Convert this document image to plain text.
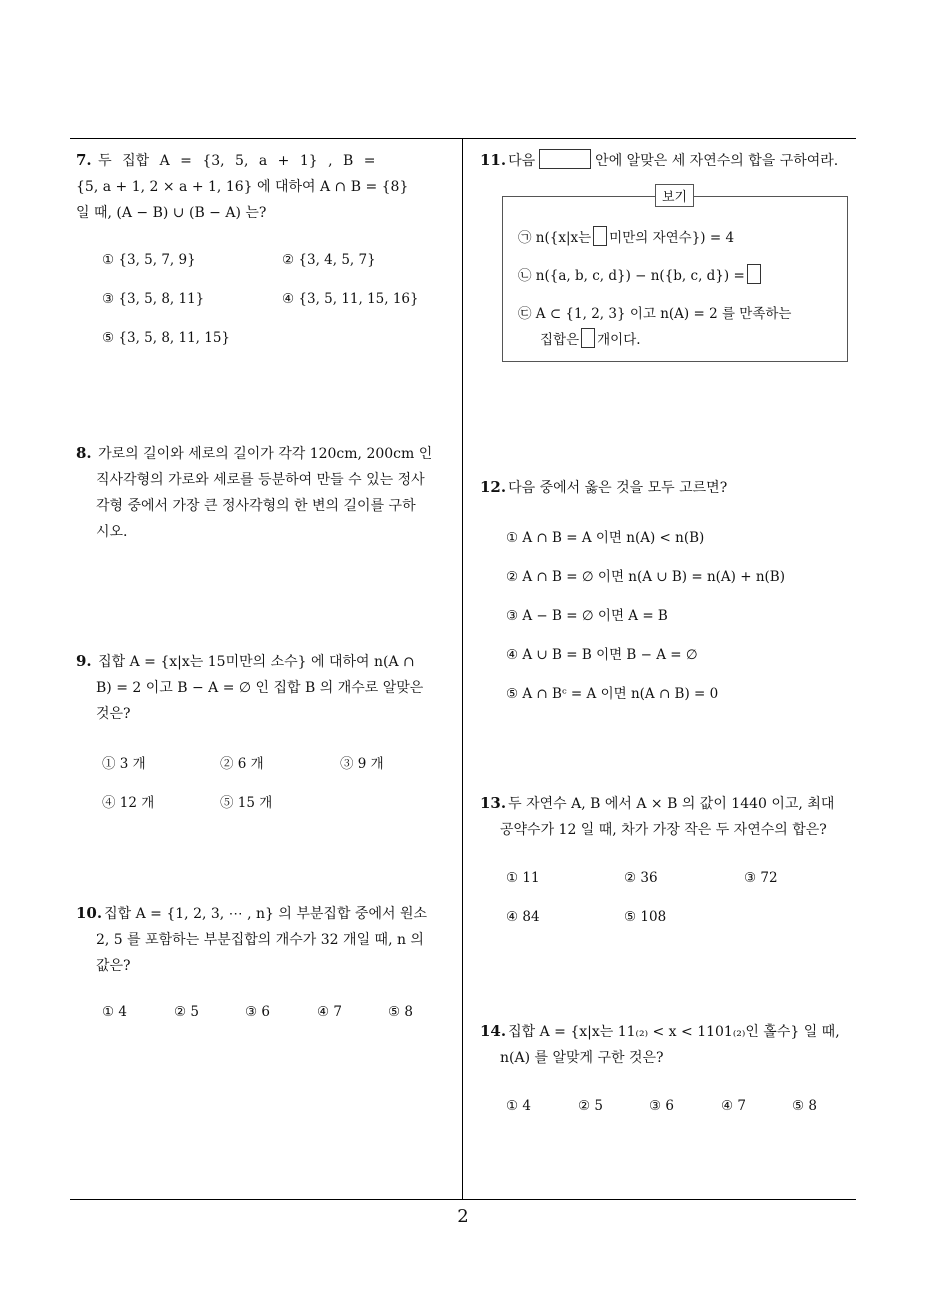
7. 두 집합 A = {3, 5, a + 1} , B =
{5, a + 1, 2 × a + 1, 16} 에 대하여 A ∩ B = {8}
일 때, (A − B) ∪ (B − A) 는?
① {3, 5, 7, 9}	② {3, 4, 5, 7}
③ {3, 5, 8, 11}	④ {3, 5, 11, 15, 16}
⑤ {3, 5, 8, 11, 15}
8. 가로의 길이와 세로의 길이가 각각 120cm, 200cm 인
직사각형의 가로와 세로를 등분하여 만들 수 있는 정사
각형 중에서 가장 큰 정사각형의 한 변의 길이를 구하
시오.
9. 집합 A = {x|x는 15미만의 소수} 에 대하여 n(A ∩
B) = 2 이고 B − A = ∅ 인 집합 B 의 개수로 알맞은
것은?
① 3 개	② 6 개	③ 9 개
④ 12 개	⑤ 15 개
10. 집합 A = {1, 2, 3, ⋯ , n} 의 부분집합 중에서 원소
2, 5 를 포함하는 부분집합의 개수가 32 개일 때, n 의
값은?
① 4	② 5	③ 6	④ 7	⑤ 8
11. 다음	안에 알맞은 세 자연수의 합을 구하여라.
보기
㉠ n({x|x는 미만의 자연수}) = 4
㉡ n({a, b, c, d}) − n({b, c, d}) =
㉢ A ⊂ {1, 2, 3} 이고 n(A) = 2 를 만족하는
집합은 개이다.
12. 다음 중에서 옳은 것을 모두 고르면?
① A ∩ B = A 이면 n(A) < n(B)
② A ∩ B = ∅ 이면 n(A ∪ B) = n(A) + n(B)
③ A − B = ∅ 이면 A = B
④ A ∪ B = B 이면 B − A = ∅
⑤ A ∩ Bᶜ = A 이면 n(A ∩ B) = 0
13. 두 자연수 A, B 에서 A × B 의 값이 1440 이고, 최대
공약수가 12 일 때, 차가 가장 작은 두 자연수의 합은?
① 11	② 36	③ 72
④ 84	⑤ 108
14. 집합 A = {x|x는 11₍₂₎ < x < 1101₍₂₎인 홀수} 일 때,
n(A) 를 알맞게 구한 것은?
① 4	② 5	③ 6	④ 7	⑤ 8
2
